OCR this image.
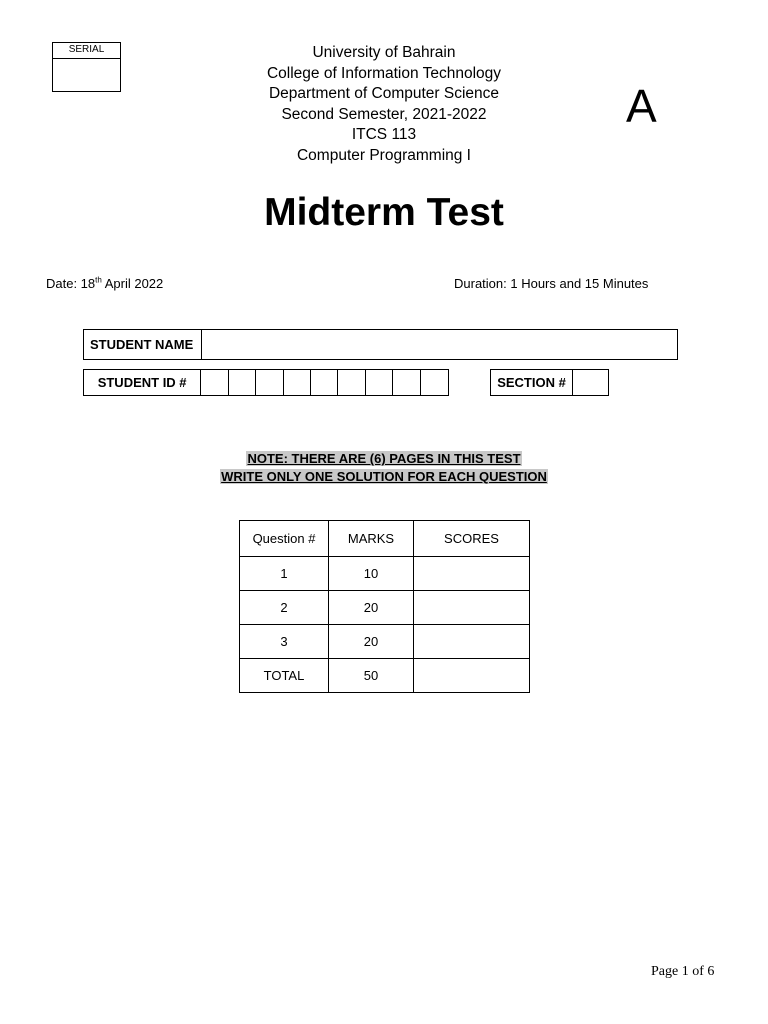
SERIAL	University of Bahrain
College of Information Technology
Department of Computer Science
Second Semester, 2021-2022
ITCS 113
Computer Programming I
A
Midterm Test
Date: 18th April 2022	Duration: 1 Hours and 15 Minutes
STUDENT NAME
STUDENT ID #	SECTION #
NOTE: THERE ARE (6) PAGES IN THIS TEST
WRITE ONLY ONE SOLUTION FOR EACH QUESTION
Question #	MARKS	SCORES
1	10	
2	20	
3	20	
TOTAL	50	
Page 1 of 6
